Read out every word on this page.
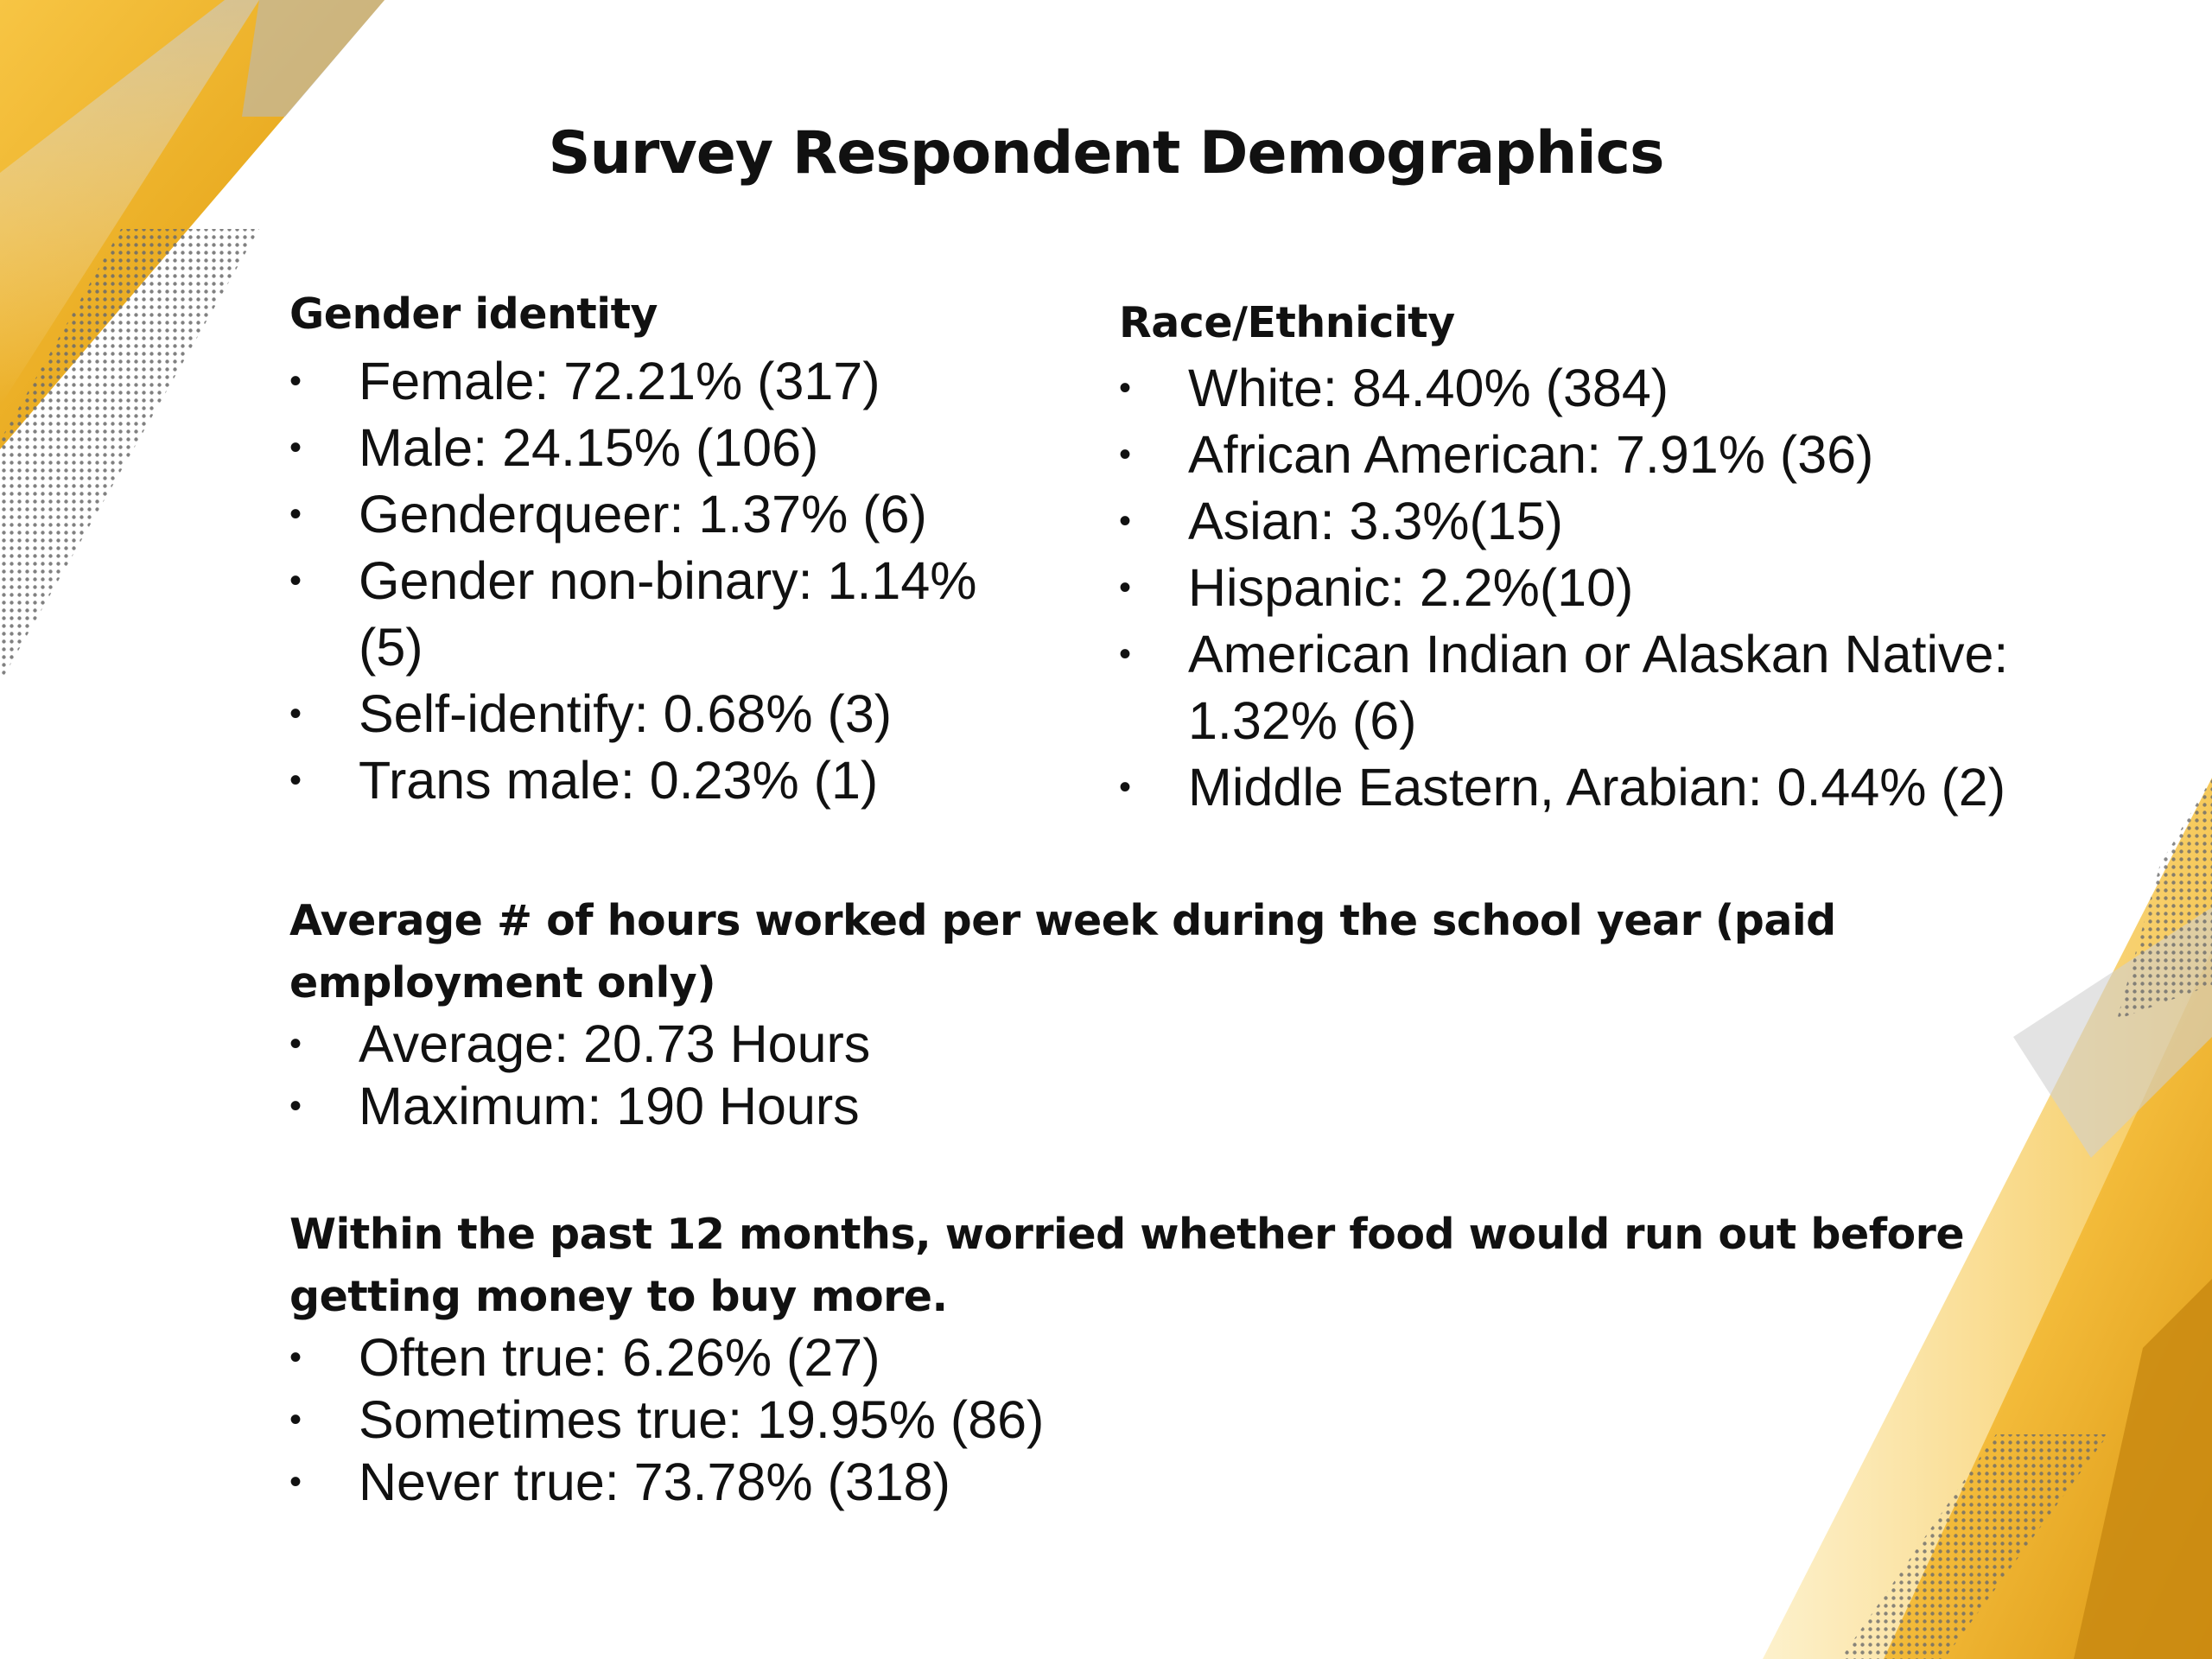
Survey Respondent Demographics
Gender identity
• Female: 72.21% (317)
• Male: 24.15% (106)
• Genderqueer: 1.37% (6)
• Gender non-binary: 1.14% (5)
• Self-identify: 0.68% (3)
• Trans male: 0.23% (1)
Race/Ethnicity
• White: 84.40% (384)
• African American: 7.91% (36)
• Asian: 3.3%(15)
• Hispanic: 2.2%(10)
• American Indian or Alaskan Native: 1.32% (6)
• Middle Eastern, Arabian: 0.44% (2)
Average # of hours worked per week during the school year (paid employment only)
• Average: 20.73 Hours
• Maximum: 190 Hours
Within the past 12 months, worried whether food would run out before getting money to buy more.
• Often true: 6.26% (27)
• Sometimes true: 19.95% (86)
• Never true: 73.78% (318)
